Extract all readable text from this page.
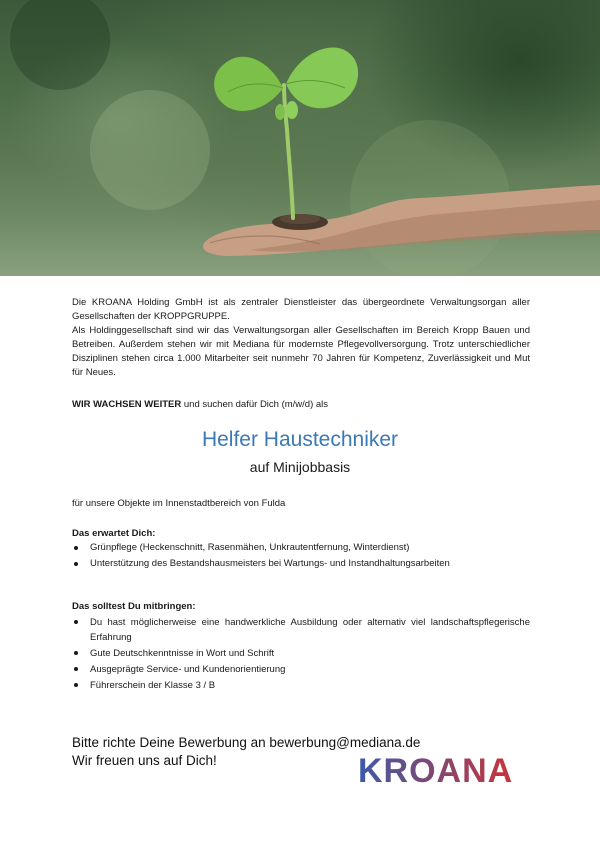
Die KROANA Holding GmbH ist als zentraler Dienstleister das übergeordnete Verwaltungsorgan aller Gesellschaften der KROPPGRUPPE.
Als Holdinggesellschaft sind wir das Verwaltungsorgan aller Gesellschaften im Bereich Kropp Bauen und Betreiben. Außerdem stehen wir mit Mediana für modernste Pflegevollversorgung. Trotz unterschiedlicher Disziplinen stehen circa 1.000 Mitarbeiter seit nunmehr 70 Jahren für Kompetenz, Zuverlässigkeit und Mut für Neues.
WIR WACHSEN WEITER und suchen dafür Dich (m/w/d) als
Helfer Haustechniker
auf Minijobbasis
für unsere Objekte im Innenstadtbereich von Fulda
Das erwartet Dich:
Grünpflege (Heckenschnitt, Rasenmähen, Unkrautentfernung, Winterdienst)
Unterstützung des Bestandshausmeisters bei Wartungs- und Instandhaltungsarbeiten
Das solltest Du mitbringen:
Du hast möglicherweise eine handwerkliche Ausbildung oder alternativ viel landschaftspflegerische Erfahrung
Gute Deutschkenntnisse in Wort und Schrift
Ausgeprägte Service- und Kundenorientierung
Führerschein der Klasse 3 / B
Bitte richte Deine Bewerbung an bewerbung@mediana.de
Wir freuen uns auf Dich!	KROANA
